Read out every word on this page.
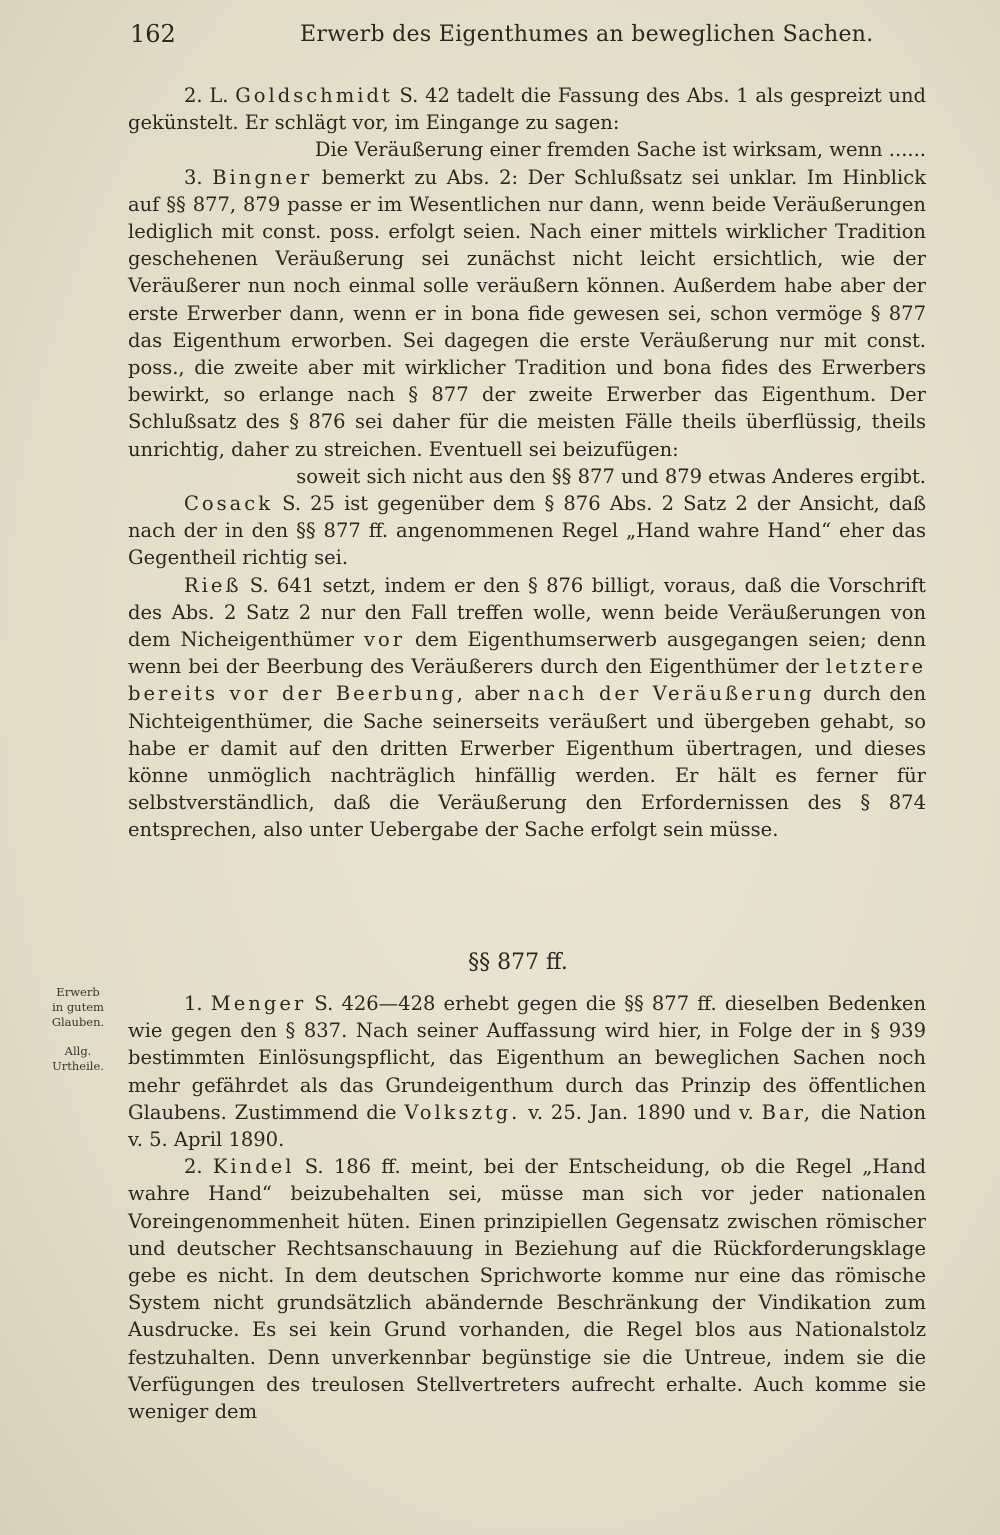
162	Erwerb des Eigenthumes an beweglichen Sachen.

2. L. Goldschmidt S. 42 tadelt die Fassung des Abs. 1 als gespreizt und gekünstelt. Er schlägt vor, im Eingange zu sagen:

Die Veräußerung einer fremden Sache ist wirksam, wenn ......

3. Bingner bemerkt zu Abs. 2: Der Schlußsatz sei unklar. Im Hinblick auf §§ 877, 879 passe er im Wesentlichen nur dann, wenn beide Veräußerungen lediglich mit const. poss. erfolgt seien. Nach einer mittels wirklicher Tradition geschehenen Veräußerung sei zunächst nicht leicht ersichtlich, wie der Veräußerer nun noch einmal solle veräußern können. Außerdem habe aber der erste Erwerber dann, wenn er in bona fide gewesen sei, schon vermöge § 877 das Eigenthum erworben. Sei dagegen die erste Veräußerung nur mit const. poss., die zweite aber mit wirklicher Tradition und bona fides des Erwerbers bewirkt, so erlange nach § 877 der zweite Erwerber das Eigenthum. Der Schlußsatz des § 876 sei daher für die meisten Fälle theils überflüssig, theils unrichtig, daher zu streichen. Eventuell sei beizufügen:

soweit sich nicht aus den §§ 877 und 879 etwas Anderes ergibt.

Cosack S. 25 ist gegenüber dem § 876 Abs. 2 Satz 2 der Ansicht, daß nach der in den §§ 877 ff. angenommenen Regel „Hand wahre Hand“ eher das Gegentheil richtig sei.

Rieß S. 641 setzt, indem er den § 876 billigt, voraus, daß die Vorschrift des Abs. 2 Satz 2 nur den Fall treffen wolle, wenn beide Veräußerungen von dem Nicheigenthümer vor dem Eigenthumserwerb ausgegangen seien; denn wenn bei der Beerbung des Veräußerers durch den Eigenthümer der letztere bereits vor der Beerbung, aber nach der Veräußerung durch den Nichteigenthümer, die Sache seinerseits veräußert und übergeben gehabt, so habe er damit auf den dritten Erwerber Eigenthum übertragen, und dieses könne unmöglich nachträglich hinfällig werden. Er hält es ferner für selbstverständlich, daß die Veräußerung den Erfordernissen des § 874 entsprechen, also unter Uebergabe der Sache erfolgt sein müsse.

§§ 877 ff.
Erwerb
in gutem
Glauben.
Allg.
Urtheile.

1. Menger S. 426—428 erhebt gegen die §§ 877 ff. dieselben Bedenken wie gegen den § 837. Nach seiner Auffassung wird hier, in Folge der in § 939 bestimmten Einlösungspflicht, das Eigenthum an beweglichen Sachen noch mehr gefährdet als das Grundeigenthum durch das Prinzip des öffentlichen Glaubens. Zustimmend die Volksztg. v. 25. Jan. 1890 und v. Bar, die Nation v. 5. April 1890.

2. Kindel S. 186 ff. meint, bei der Entscheidung, ob die Regel „Hand wahre Hand“ beizubehalten sei, müsse man sich vor jeder nationalen Voreingenommenheit hüten. Einen prinzipiellen Gegensatz zwischen römischer und deutscher Rechtsanschauung in Beziehung auf die Rückforderungsklage gebe es nicht. In dem deutschen Sprichworte komme nur eine das römische System nicht grundsätzlich abändernde Beschränkung der Vindikation zum Ausdrucke. Es sei kein Grund vorhanden, die Regel blos aus Nationalstolz festzuhalten. Denn unverkennbar begünstige sie die Untreue, indem sie die Verfügungen des treulosen Stellvertreters aufrecht erhalte. Auch komme sie weniger dem
